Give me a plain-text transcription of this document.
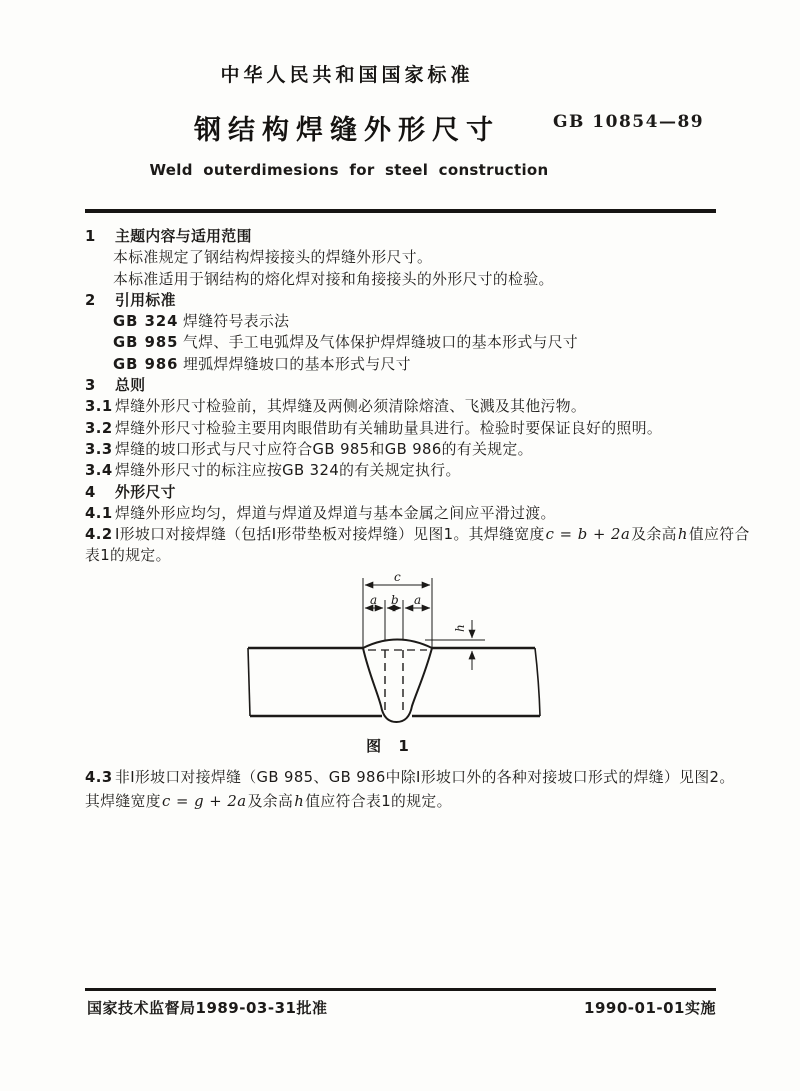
中华人民共和国国家标准
钢结构焊缝外形尺寸	GB 10854—89
Weld outerdimesions for steel construction
1 主题内容与适用范围
本标准规定了钢结构焊接接头的焊缝外形尺寸。
本标准适用于钢结构的熔化焊对接和角接接头的外形尺寸的检验。
2 引用标准
GB 324 焊缝符号表示法
GB 985 气焊、手工电弧焊及气体保护焊焊缝坡口的基本形式与尺寸
GB 986 埋弧焊焊缝坡口的基本形式与尺寸
3 总则
3.1 焊缝外形尺寸检验前，其焊缝及两侧必须清除熔渣、飞溅及其他污物。
3.2 焊缝外形尺寸检验主要用肉眼借助有关辅助量具进行。检验时要保证良好的照明。
3.3 焊缝的坡口形式与尺寸应符合GB 985和GB 986的有关规定。
3.4 焊缝外形尺寸的标注应按GB 324的有关规定执行。
4 外形尺寸
4.1 焊缝外形应均匀，焊道与焊道及焊道与基本金属之间应平滑过渡。
4.2 I形坡口对接焊缝（包括I形带垫板对接焊缝）见图1。其焊缝宽度c = b + 2a及余高h值应符合
表1的规定。
c
a b a
h
图 1
4.3 非I形坡口对接焊缝（GB 985、GB 986中除I形坡口外的各种对接坡口形式的焊缝）见图2。
其焊缝宽度c = g + 2a及余高h值应符合表1的规定。
国家技术监督局1989-03-31批准	1990-01-01实施
